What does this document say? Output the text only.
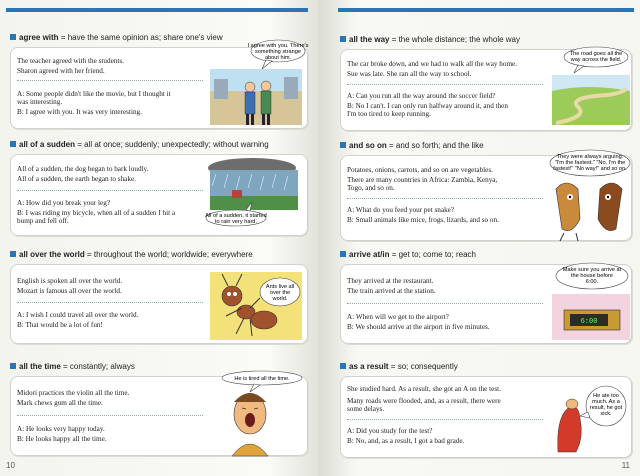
agree with = have the same opinion as; share one's view
The teacher agreed with the students.
Sharon agreed with her friend.
A: Some people didn't like the movie, but I thought it
was interesting.
B: I agree with you. It was very interesting.
I agree with you. There's
something strange
about him.
all of a sudden = all at once; suddenly; unexpectedly; without warning
All of a sudden, the dog began to bark loudly.
All of a sudden, the earth began to shake.
A: How did you break your leg?
B: I was riding my bicycle, when all of a sudden I hit a
bump and fell off.
All of a sudden, it started
to rain very hard.
all over the world = throughout the world; worldwide; everywhere
English is spoken all over the world.
Mozart is famous all over the world.
A: I wish I could travel all over the world.
B: That would be a lot of fun!
Ants live all
over the
world.
all the time = constantly; always
Midori practices the violin all the time.
Mark chews gum all the time.
A: He looks very happy today.
B: He looks happy all the time.
He is tired all the time.
10
all the way = the whole distance; the whole way
The car broke down, and we had to walk all the way home.
Sue was late. She ran all the way to school.
A: Can you run all the way around the soccer field?
B: No I can't. I can only run halfway around it, and then
I'm too tired to keep running.
The road goes all the
way across the field.
and so on = and so forth; and the like
Potatoes, onions, carrots, and so on are vegetables.
There are many countries in Africa: Zambia, Kenya,
Togo, and so on.
A: What do you feed your pet snake?
B: Small animals like mice, frogs, lizards, and so on.
They were always arguing.
"I'm the fastest." "No, I'm the
fastest!" "No way!" and so on.
arrive at/in = get to; come to; reach
They arrived at the restaurant.
The train arrived at the station.
A: When will we get to the airport?
B: We should arrive at the airport in five minutes.
Make sure you arrive at
the house before
6:00.
6:00
as a result = so; consequently
She studied hard. As a result, she got an A on the test.
Many roads were flooded, and, as a result, there were
some delays.
A: Did you study for the test?
B: No, and, as a result, I got a bad grade.
He ate too
much. As a
result, he got
sick.
11
